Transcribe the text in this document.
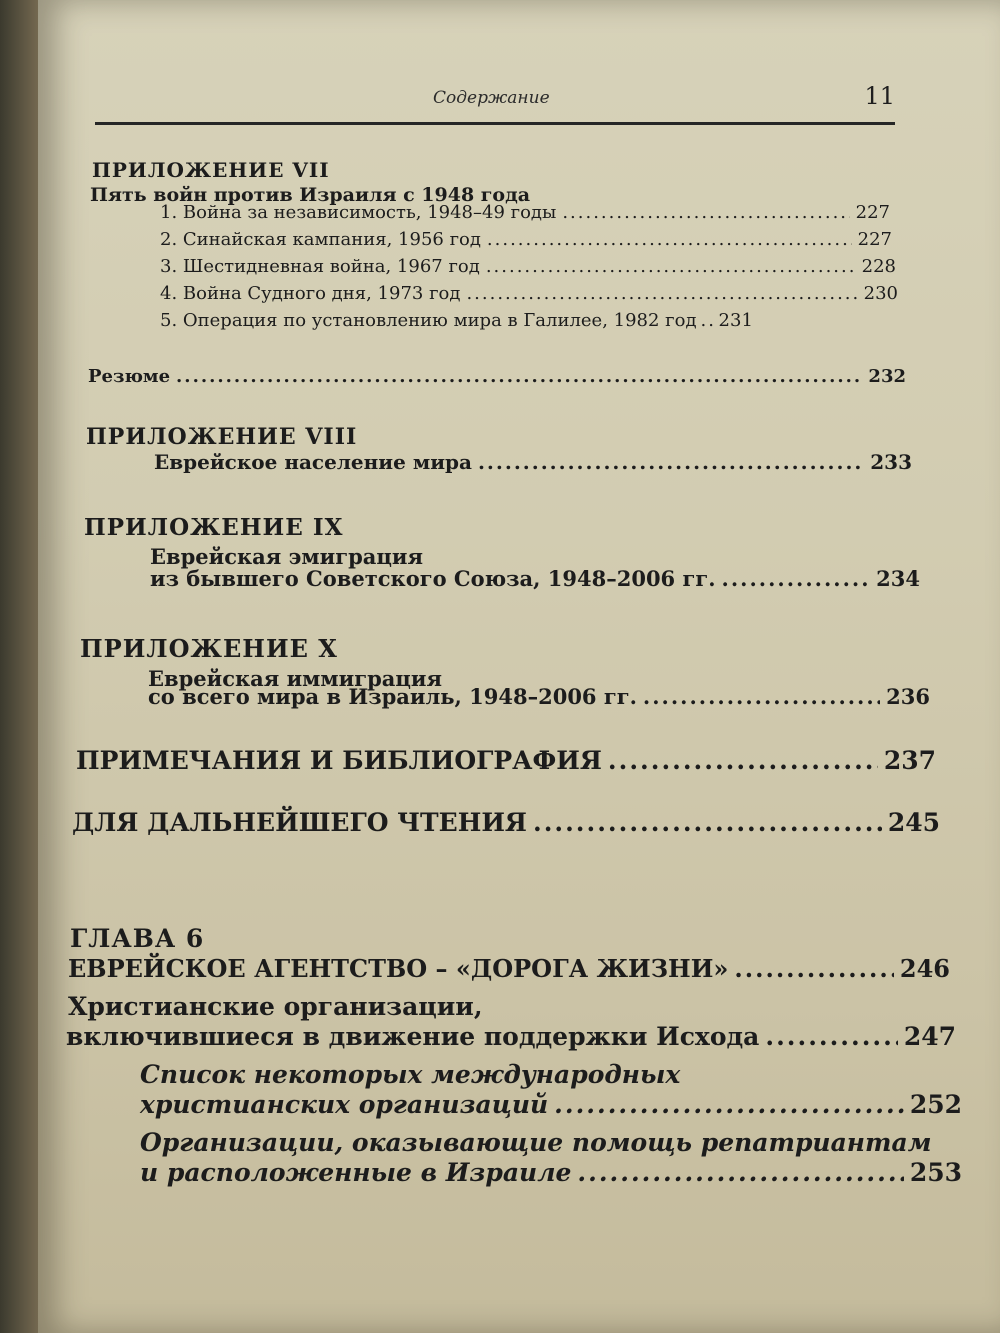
Содержание	11
ПРИЛОЖЕНИЕ VII
Пять войн против Израиля с 1948 года
1. Война за независимость, 1948–49 годы .....	227
2. Синайская кампания, 1956 год .....	227
3. Шестидневная война, 1967 год .....	228
4. Война Судного дня, 1973 год .....	230
5. Операция по установлению мира в Галилее, 1982 год ..... 231
Резюме .....	232
ПРИЛОЖЕНИЕ VIII
Еврейское население мира .....	233
ПРИЛОЖЕНИЕ IX
Еврейская эмиграция
из бывшего Советского Союза, 1948–2006 гг. .....	234
ПРИЛОЖЕНИЕ X
Еврейская иммиграция
со всего мира в Израиль, 1948–2006 гг. .....	236
ПРИМЕЧАНИЯ И БИБЛИОГРАФИЯ .....	237
ДЛЯ ДАЛЬНЕЙШЕГО ЧТЕНИЯ .....	245
ГЛАВА 6
ЕВРЕЙСКОЕ АГЕНТСТВО – «ДОРОГА ЖИЗНИ» .....	246
Христианские организации,
включившиеся в движение поддержки Исхода .....	247
Список некоторых международных
христианских организаций .....	252
Организации, оказывающие помощь репатриантам
и расположенные в Израиле .....	253
